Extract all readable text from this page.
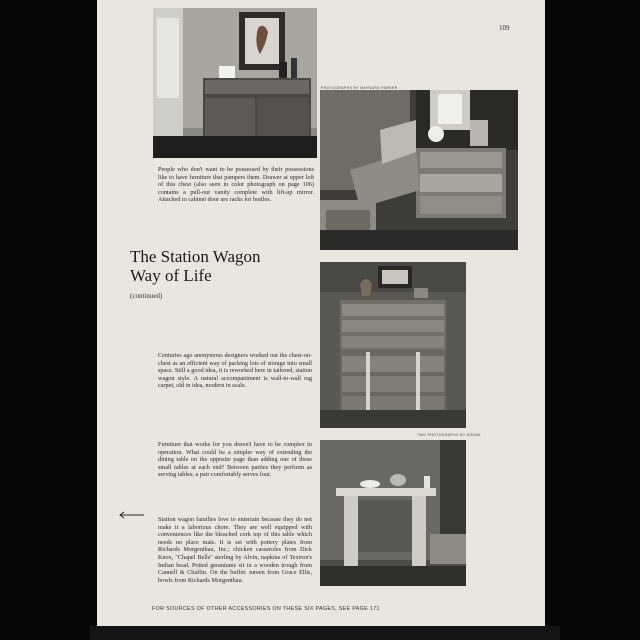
109
PHOTOGRAPHS BY MAYNARD PARKER
People who don't want to be possessed by their possessions like to have furniture that pampers them. Drawer at upper left of this chest (also seen in color photograph on page 106) contains a pull-out vanity complete with lift-up mirror. Attached to cabinet door are racks for bottles.
The Station Wagon
Way of Life
(continued)
Centuries ago anonymous designers worked out the chest-on-chest as an efficient way of packing lots of storage into small space. Still a good idea, it is reworked here in tailored, station wagon style. A natural accompaniment is wall-to-wall rag carpet, old in idea, modern in scale.
TWO PHOTOGRAPHS BY KODAK
Furniture that works for you doesn't have to be complex in operation. What could be a simpler way of extending the dining table on the opposite page than adding one of these small tables at each end? Between parties they perform as serving tables; a pair comfortably serves four.
Station wagon families love to entertain because they do not make it a laborious chore. They are well equipped with conveniences like the bleached cork top of this table which needs no place mats. It is set with pottery plates from Richards Morgenthau, Inc.; chicken casseroles from Dick Knox, "Chapel Bells" sterling by Alvin, napkins of Textron's Indian bead. Potted geraniums sit in a wooden trough from Cannell & Chaffin. On the buffet: tureen from Grace Ellis, bowls from Richards Morgenthau.
FOR SOURCES OF OTHER ACCESSORIES ON THESE SIX PAGES, SEE PAGE 171
